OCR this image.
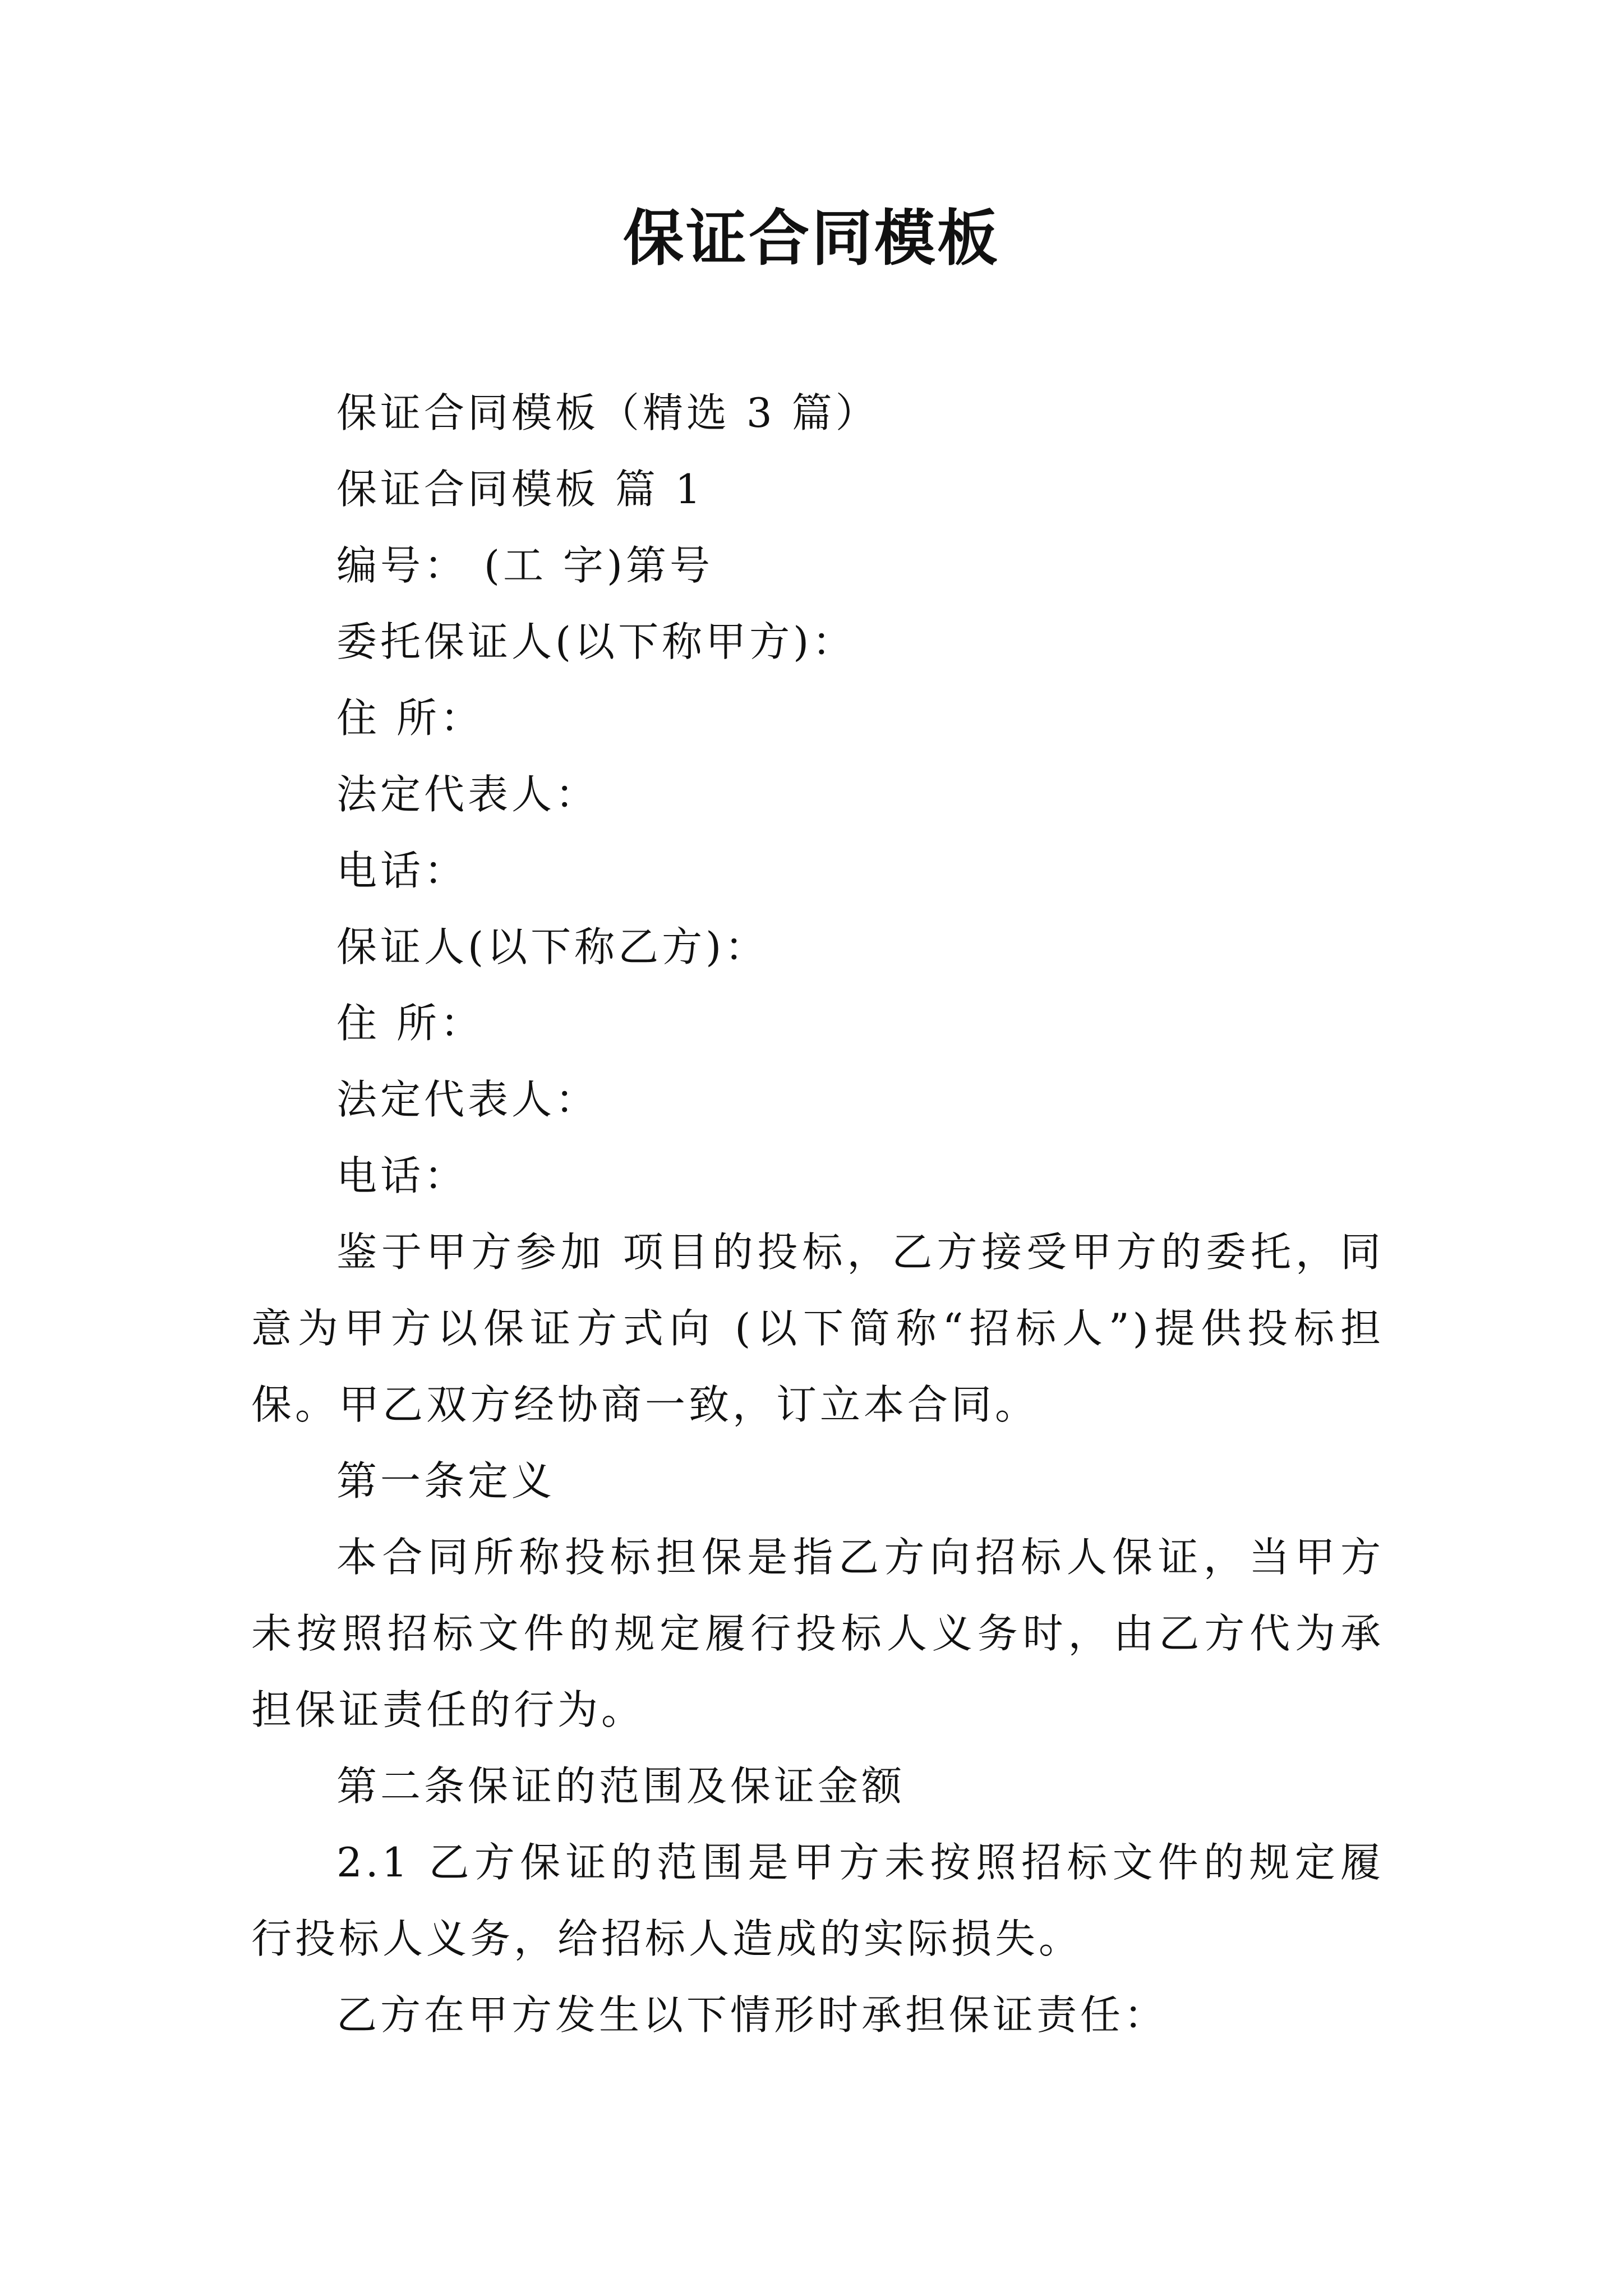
保证合同模板
保证合同模板（精选 3 篇）
保证合同模板 篇 1
编号： (工 字)第号
委托保证人(以下称甲方)：
住 所：
法定代表人：
电话：
保证人(以下称乙方)：
住 所：
法定代表人：
电话：

鉴于甲方参加 项目的投标，乙方接受甲方的委托，同意为甲方以保证方式向 (以下简称“招标人”)提供投标担保。甲乙双方经协商一致，订立本合同。

第一条定义

本合同所称投标担保是指乙方向招标人保证，当甲方未按照招标文件的规定履行投标人义务时，由乙方代为承担保证责任的行为。

第二条保证的范围及保证金额

2.1 乙方保证的范围是甲方未按照招标文件的规定履行投标人义务，给招标人造成的实际损失。

乙方在甲方发生以下情形时承担保证责任：
